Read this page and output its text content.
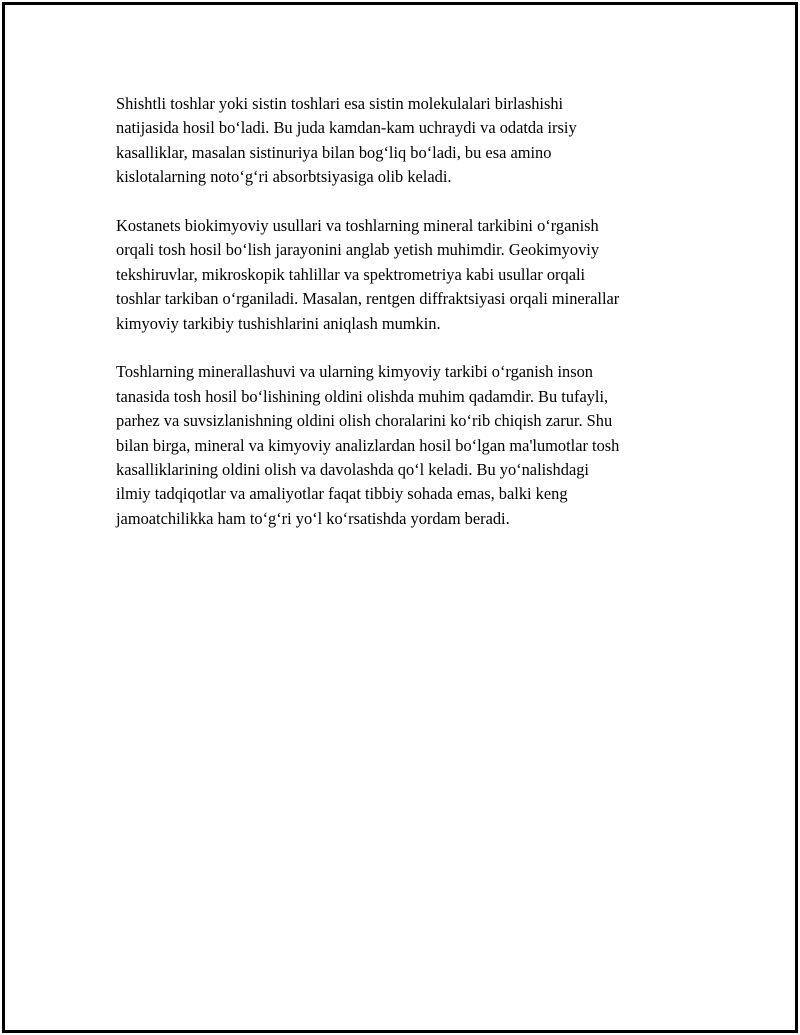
Shishtli toshlar yoki sistin toshlari esa sistin molekulalari birlashishi
natijasida hosil bo‘ladi. Bu juda kamdan-kam uchraydi va odatda irsiy
kasalliklar, masalan sistinuriya bilan bog‘liq bo‘ladi, bu esa amino
kislotalarning noto‘g‘ri absorbtsiyasiga olib keladi.

Kostanets biokimyoviy usullari va toshlarning mineral tarkibini o‘rganish
orqali tosh hosil bo‘lish jarayonini anglab yetish muhimdir. Geokimyoviy
tekshiruvlar, mikroskopik tahlillar va spektrometriya kabi usullar orqali
toshlar tarkiban o‘rganiladi. Masalan, rentgen diffraktsiyasi orqali minerallar
kimyoviy tarkibiy tushishlarini aniqlash mumkin.

Toshlarning minerallashuvi va ularning kimyoviy tarkibi o‘rganish inson
tanasida tosh hosil bo‘lishining oldini olishda muhim qadamdir. Bu tufayli,
parhez va suvsizlanishning oldini olish choralarini ko‘rib chiqish zarur. Shu
bilan birga, mineral va kimyoviy analizlardan hosil bo‘lgan ma'lumotlar tosh
kasalliklarining oldini olish va davolashda qo‘l keladi. Bu yo‘nalishdagi
ilmiy tadqiqotlar va amaliyotlar faqat tibbiy sohada emas, balki keng
jamoatchilikka ham to‘g‘ri yo‘l ko‘rsatishda yordam beradi.
